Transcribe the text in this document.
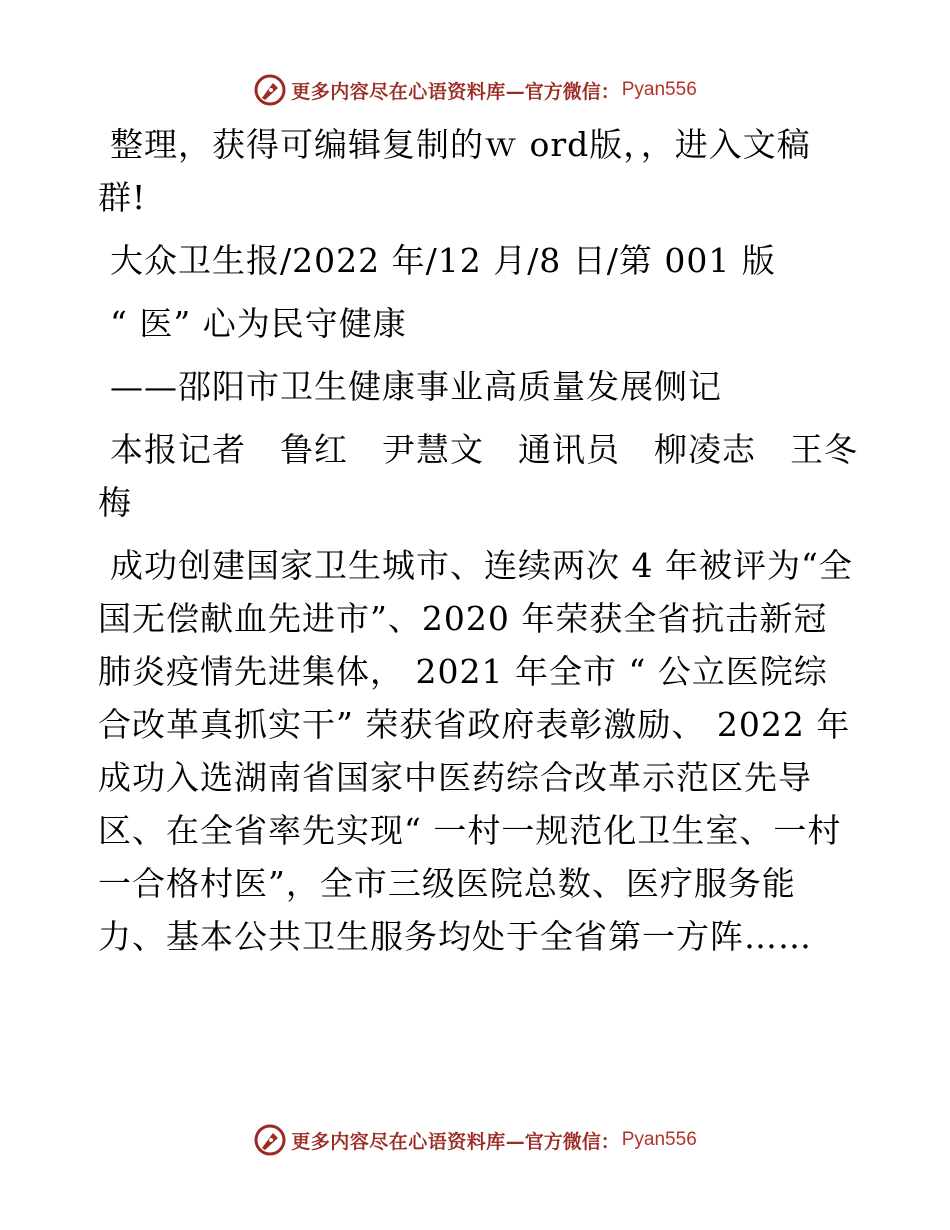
更多内容尽在心语资料库 —官方微信： Pyan556

整理，获得可编辑复制的ｗ ord版，，进入文稿群!

大众卫生报/2022 年/12 月/8 日/第 001 版

“ 医” 心为民守健康

——邵阳市卫生健康事业高质量发展侧记

本报记者　鲁红　尹慧文　通讯员　柳凌志　王冬梅

成功创建国家卫生城市、连续两次 4 年被评为“全国无偿献血先进市”、2020 年荣获全省抗击新冠肺炎疫情先进集体， 2021 年全市 “ 公立医院综合改革真抓实干” 荣获省政府表彰激励、 2022 年成功入选湖南省国家中医药综合改革示范区先导区、在全省率先实现“ 一村一规范化卫生室、一村一合格村医”，全市三级医院总数、医疗服务能力、基本公共卫生服务均处于全省第一方阵……

更多内容尽在心语资料库 —官方微信： Pyan556
